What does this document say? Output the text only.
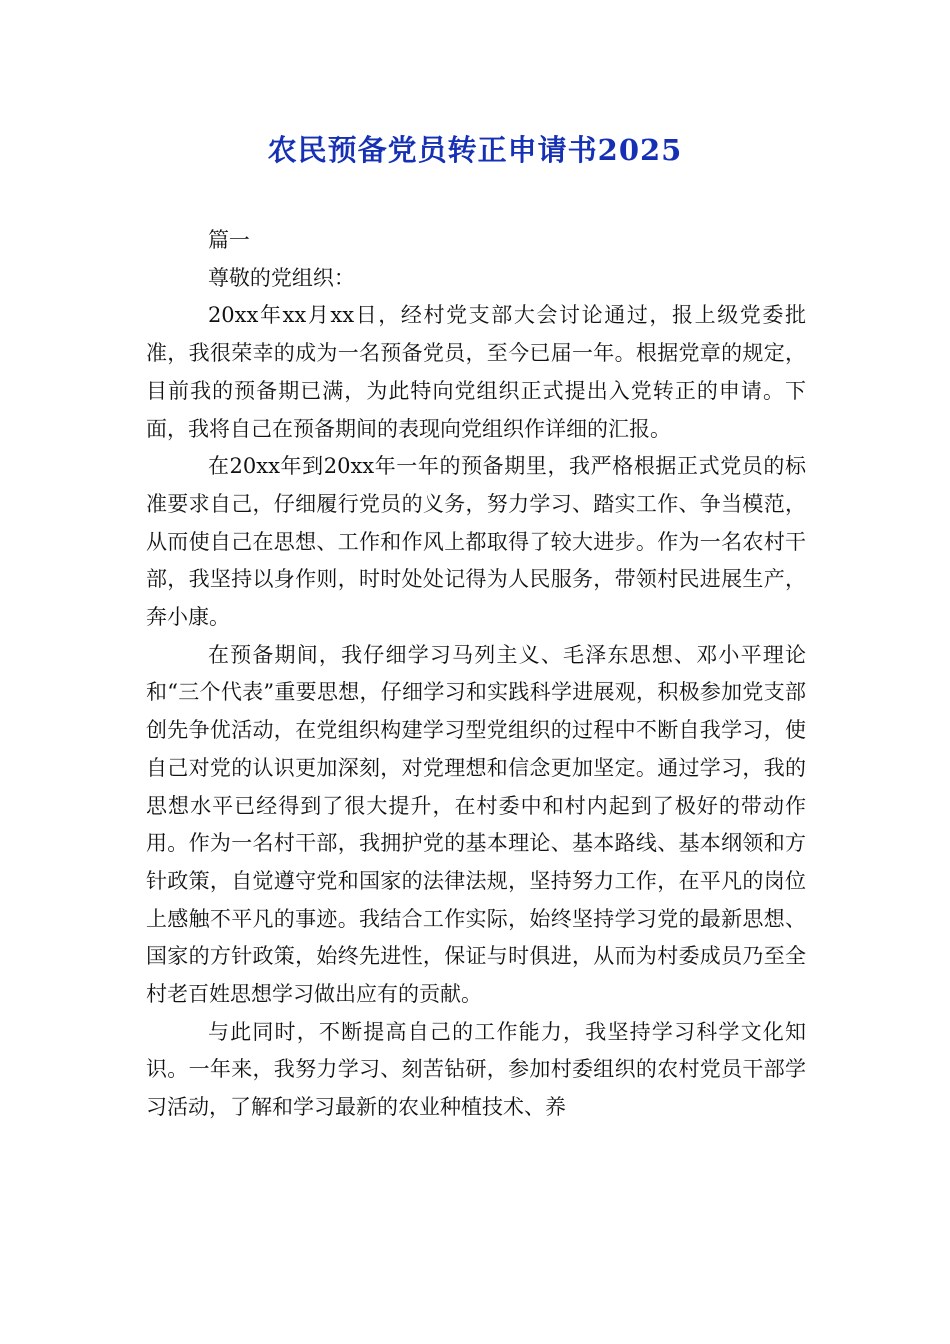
农民预备党员转正申请书2025

篇一

尊敬的党组织：

20xx年xx月xx日，经村党支部大会讨论通过，报上级党委批准，我很荣幸的成为一名预备党员，至今已届一年。根据党章的规定，目前我的预备期已满，为此特向党组织正式提出入党转正的申请。下面，我将自己在预备期间的表现向党组织作详细的汇报。

在20xx年到20xx年一年的预备期里，我严格根据正式党员的标准要求自己，仔细履行党员的义务，努力学习、踏实工作、争当模范，从而使自己在思想、工作和作风上都取得了较大进步。作为一名农村干部，我坚持以身作则，时时处处记得为人民服务，带领村民进展生产，奔小康。

在预备期间，我仔细学习马列主义、毛泽东思想、邓小平理论和“三个代表”重要思想，仔细学习和实践科学进展观，积极参加党支部创先争优活动，在党组织构建学习型党组织的过程中不断自我学习，使自己对党的认识更加深刻，对党理想和信念更加坚定。通过学习，我的思想水平已经得到了很大提升，在村委中和村内起到了极好的带动作用。作为一名村干部，我拥护党的基本理论、基本路线、基本纲领和方针政策，自觉遵守党和国家的法律法规，坚持努力工作，在平凡的岗位上感触不平凡的事迹。我结合工作实际，始终坚持学习党的最新思想、国家的方针政策，始终先进性，保证与时俱进，从而为村委成员乃至全村老百姓思想学习做出应有的贡献。

与此同时，不断提高自己的工作能力，我坚持学习科学文化知识。一年来，我努力学习、刻苦钻研，参加村委组织的农村党员干部学习活动，了解和学习最新的农业种植技术、养
